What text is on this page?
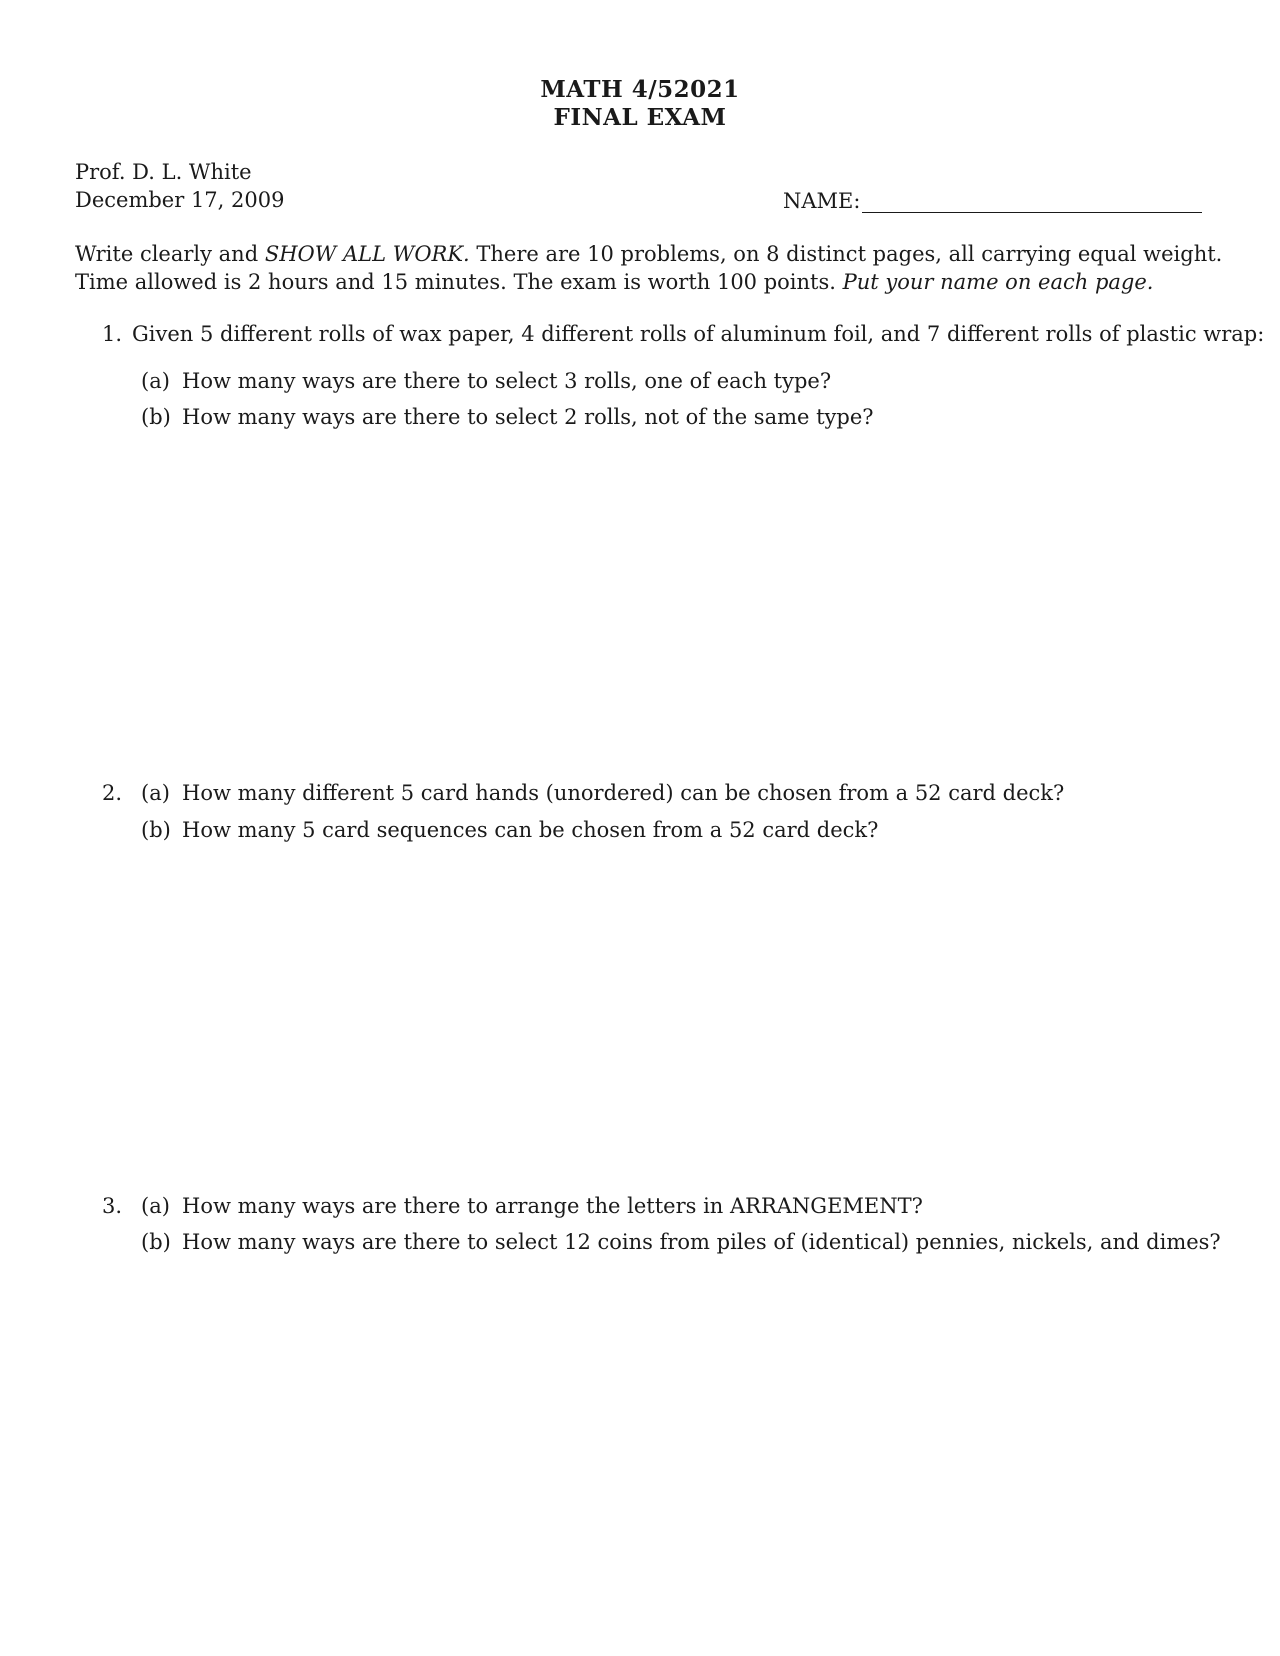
MATH 4/52021
FINAL EXAM
Prof. D. L. White
December 17, 2009	NAME:
Write clearly and SHOW ALL WORK. There are 10 problems, on 8 distinct pages, all carrying equal weight.
Time allowed is 2 hours and 15 minutes. The exam is worth 100 points. Put your name on each page.
1. Given 5 different rolls of wax paper, 4 different rolls of aluminum foil, and 7 different rolls of plastic wrap:
(a) How many ways are there to select 3 rolls, one of each type?
(b) How many ways are there to select 2 rolls, not of the same type?
2. (a) How many different 5 card hands (unordered) can be chosen from a 52 card deck?
(b) How many 5 card sequences can be chosen from a 52 card deck?
3. (a) How many ways are there to arrange the letters in ARRANGEMENT?
(b) How many ways are there to select 12 coins from piles of (identical) pennies, nickels, and dimes?
